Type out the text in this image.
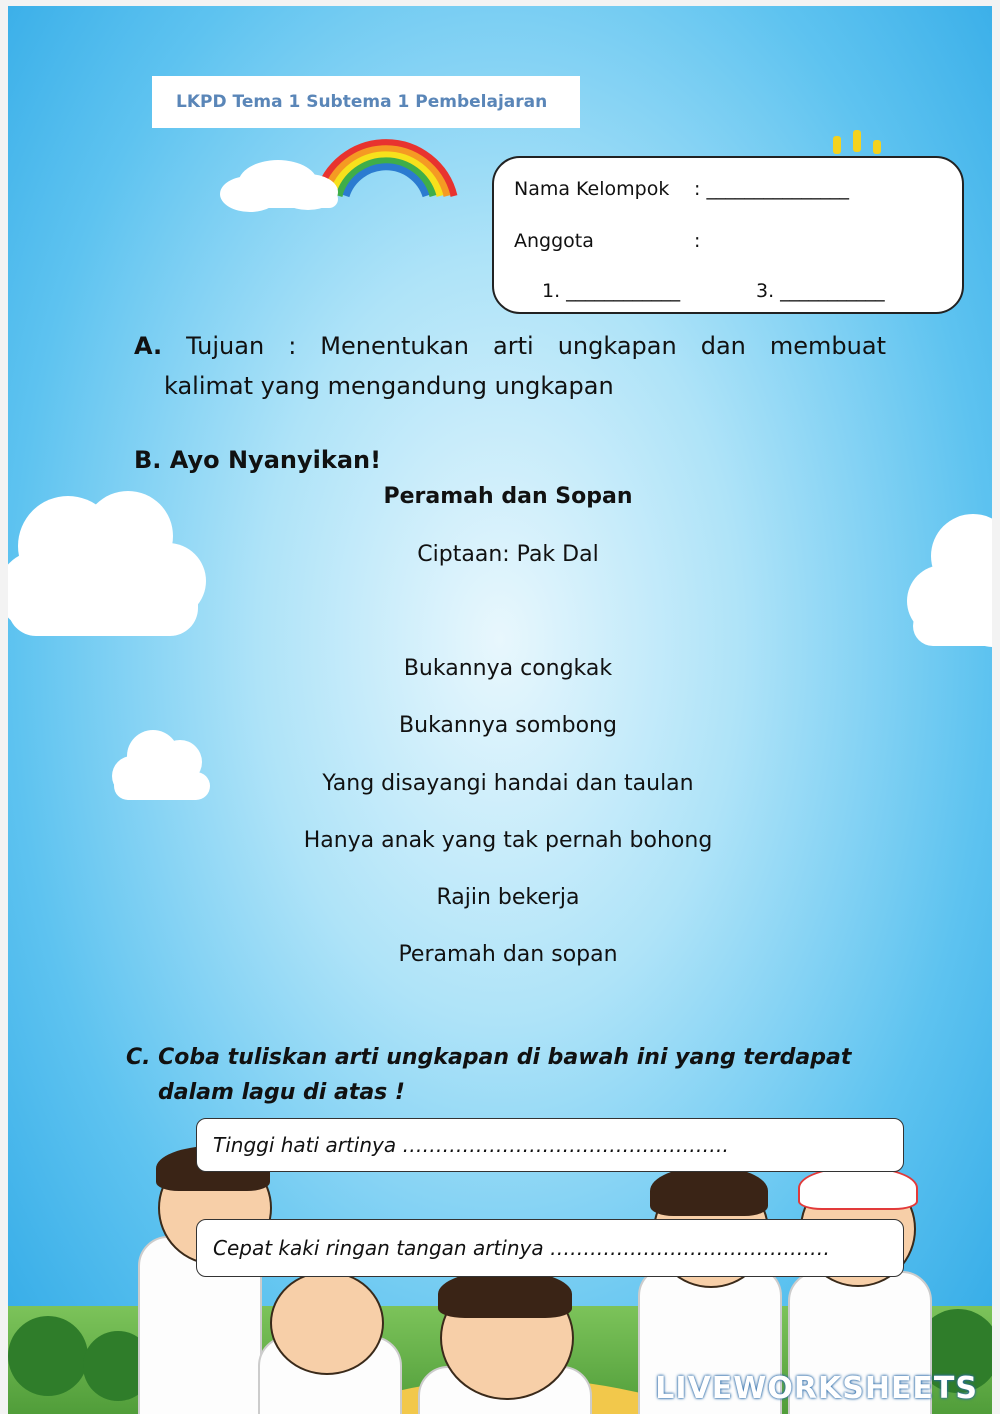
LKPD Tema 1 Subtema 1 Pembelajaran
Nama Kelompok : _______________
Anggota	:
1. ____________	3. ___________
A. Tujuan : Menentukan arti ungkapan dan membuat
kalimat yang mengandung ungkapan
B. Ayo Nyanyikan!
Peramah dan Sopan
Ciptaan: Pak Dal
Bukannya congkak
Bukannya sombong
Yang disayangi handai dan taulan
Hanya anak yang tak pernah bohong
Rajin bekerja
Peramah dan sopan
C. Coba tuliskan arti ungkapan di bawah ini yang terdapat
dalam lagu di atas !
Tinggi hati artinya ………………………………………….
Cepat kaki ringan tangan artinya ……………………………………
LIVEWORKSHEETS
